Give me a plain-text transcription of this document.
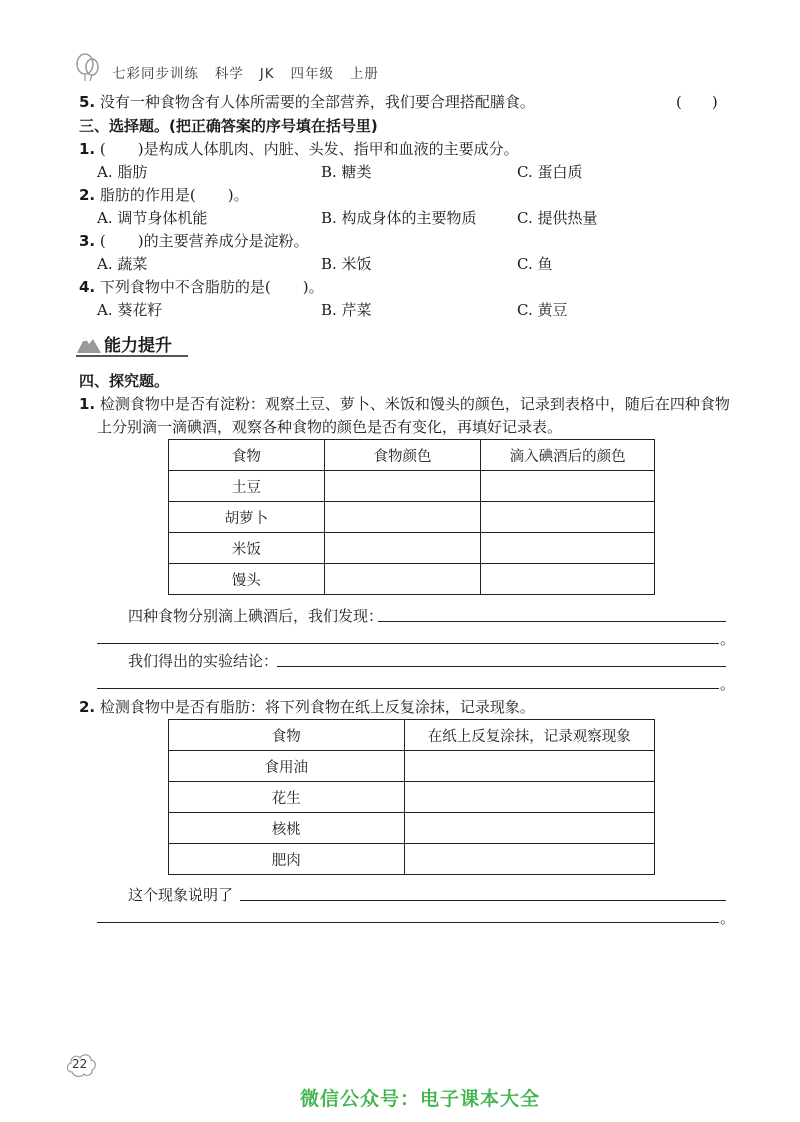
七彩同步训练 科学 JK 四年级 上册
5. 没有一种食物含有人体所需要的全部营养，我们要合理搭配膳食。	(　　)
三、选择题。(把正确答案的序号填在括号里)
1. ( )是构成人体肌肉、内脏、头发、指甲和血液的主要成分。
A. 脂肪	B. 糖类	C. 蛋白质
2. 脂肪的作用是( )。
A. 调节身体机能	B. 构成身体的主要物质	C. 提供热量
3. ( )的主要营养成分是淀粉。
A. 蔬菜	B. 米饭	C. 鱼
4. 下列食物中不含脂肪的是( )。
A. 葵花籽	B. 芹菜	C. 黄豆
能力提升
四、探究题。
1. 检测食物中是否有淀粉：观察土豆、萝卜、米饭和馒头的颜色，记录到表格中，随后在四种食物
上分别滴一滴碘酒，观察各种食物的颜色是否有变化，再填好记录表。
食物	食物颜色	滴入碘酒后的颜色
土豆		
胡萝卜		
米饭		
馒头		
四种食物分别滴上碘酒后，我们发现：
。
我们得出的实验结论：
。
2. 检测食物中是否有脂肪：将下列食物在纸上反复涂抹，记录现象。
食物	在纸上反复涂抹，记录观察现象
食用油	
花生	
核桃	
肥肉	
这个现象说明了
。
22
微信公众号：电子课本大全
